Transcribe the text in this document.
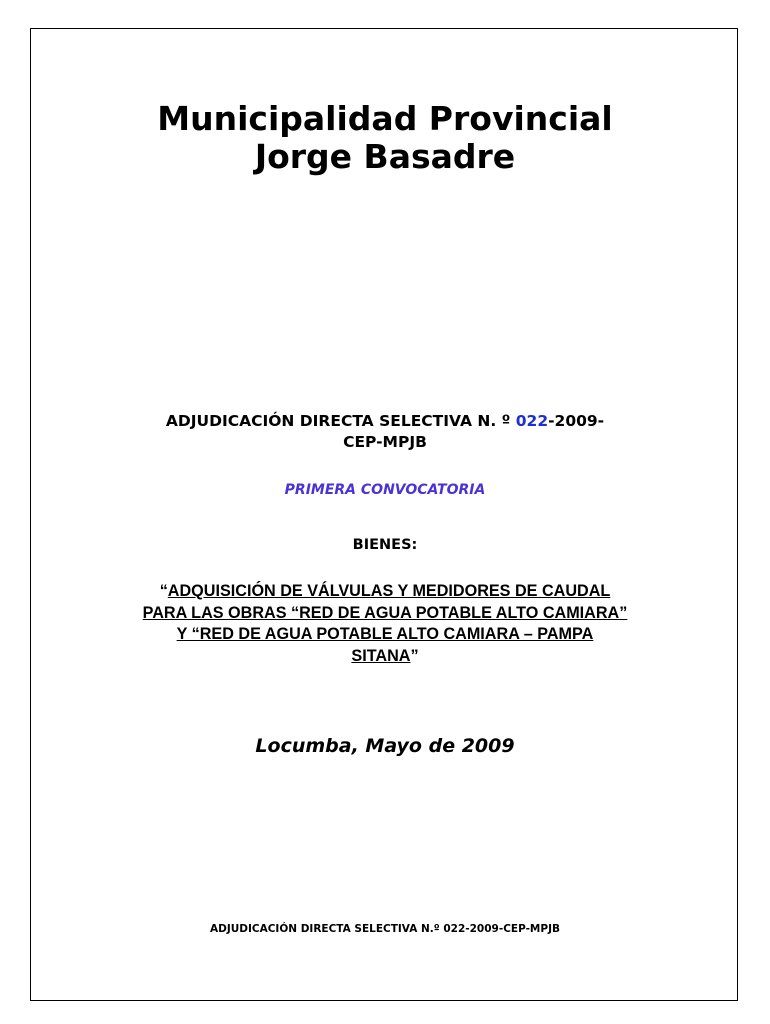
Municipalidad Provincial
Jorge Basadre
ADJUDICACIÓN DIRECTA SELECTIVA N. º 022-2009-
CEP-MPJB
PRIMERA CONVOCATORIA
BIENES:
“ADQUISICIÓN DE VÁLVULAS Y MEDIDORES DE CAUDAL
PARA LAS OBRAS “RED DE AGUA POTABLE ALTO CAMIARA”
Y “RED DE AGUA POTABLE ALTO CAMIARA – PAMPA
SITANA”
Locumba, Mayo de 2009
ADJUDICACIÓN DIRECTA SELECTIVA N.º 022-2009-CEP-MPJB
